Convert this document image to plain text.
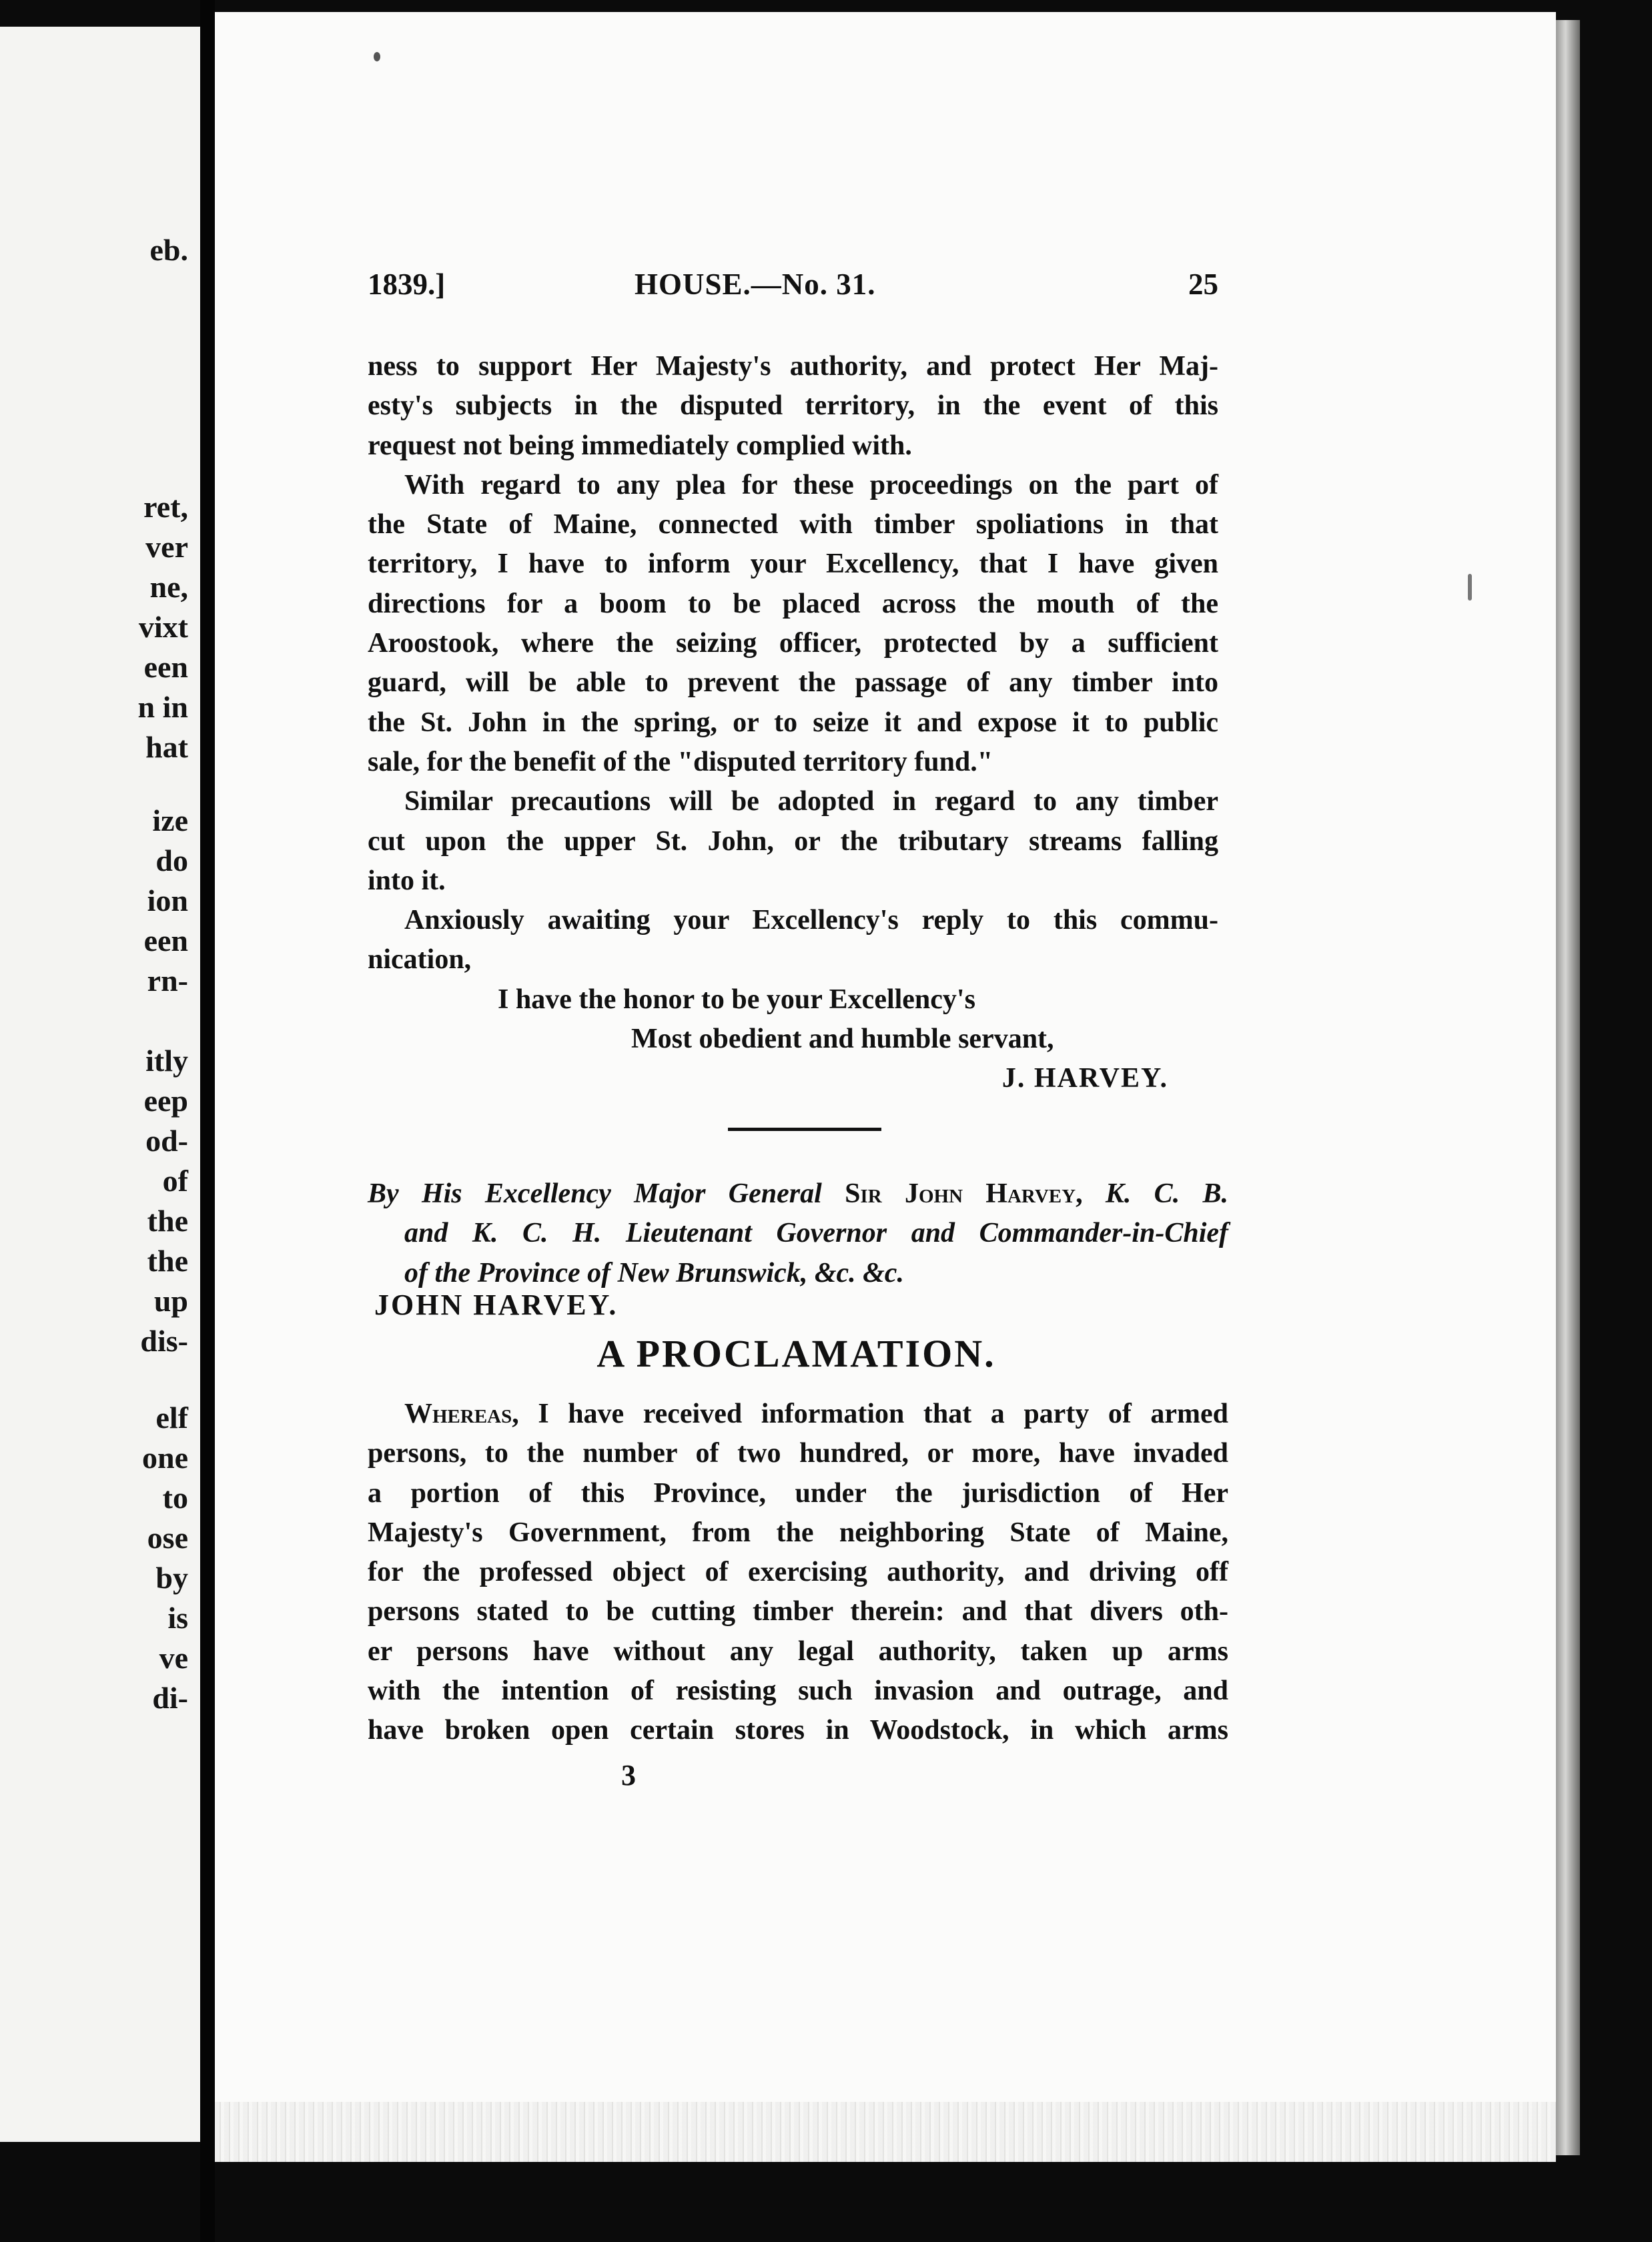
eb.
ret,
ver
ne,
vixt
een
n in
hat
ize
do
ion
een
rn-
itly
eep
od-
of
the
the
up
dis-
elf
one
to
ose
by
is
ve
di-
1839.]	HOUSE.—No. 31.	25
ness to support Her Majesty's authority, and protect Her Maj-
esty's subjects in the disputed territory, in the event of this
request not being immediately complied with.
With regard to any plea for these proceedings on the part of
the State of Maine, connected with timber spoliations in that
territory, I have to inform your Excellency, that I have given
directions for a boom to be placed across the mouth of the
Aroostook, where the seizing officer, protected by a sufficient
guard, will be able to prevent the passage of any timber into
the St. John in the spring, or to seize it and expose it to public
sale, for the benefit of the "disputed territory fund."
Similar precautions will be adopted in regard to any timber
cut upon the upper St. John, or the tributary streams falling
into it.
Anxiously awaiting your Excellency's reply to this commu-
nication,
I have the honor to be your Excellency's
Most obedient and humble servant,
J. HARVEY.
By His Excellency Major General Sir John Harvey, K. C. B.
and K. C. H. Lieutenant Governor and Commander-in-Chief
of the Province of New Brunswick, &c. &c.
JOHN HARVEY.
A PROCLAMATION.
Whereas, I have received information that a party of armed
persons, to the number of two hundred, or more, have invaded
a portion of this Province, under the jurisdiction of Her
Majesty's Government, from the neighboring State of Maine,
for the professed object of exercising authority, and driving off
persons stated to be cutting timber therein: and that divers oth-
er persons have without any legal authority, taken up arms
with the intention of resisting such invasion and outrage, and
have broken open certain stores in Woodstock, in which arms
3
